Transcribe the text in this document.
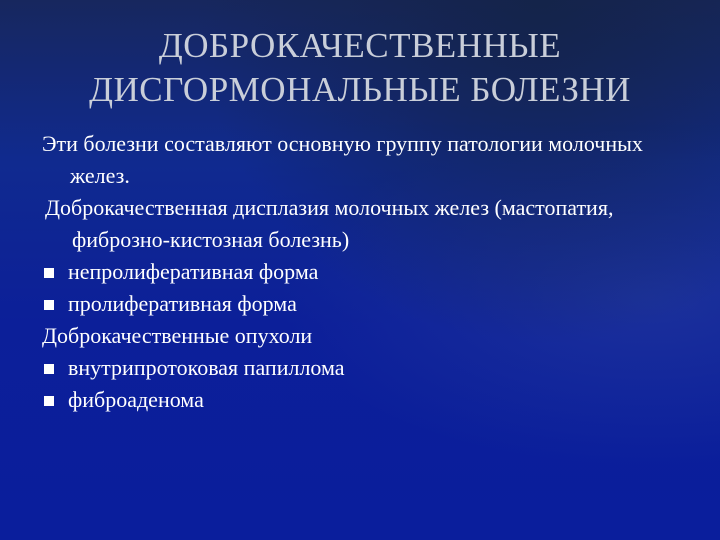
ДОБРОКАЧЕСТВЕННЫЕ
ДИСГОРМОНАЛЬНЫЕ БОЛЕЗНИ

Эти болезни составляют основную группу патологии молочных желез.

Доброкачественная дисплазия молочных желез (мастопатия, фиброзно-кистозная болезнь)

непролиферативная форма
пролиферативная форма

Доброкачественные опухоли

внутрипротоковая папиллома
фиброаденома
